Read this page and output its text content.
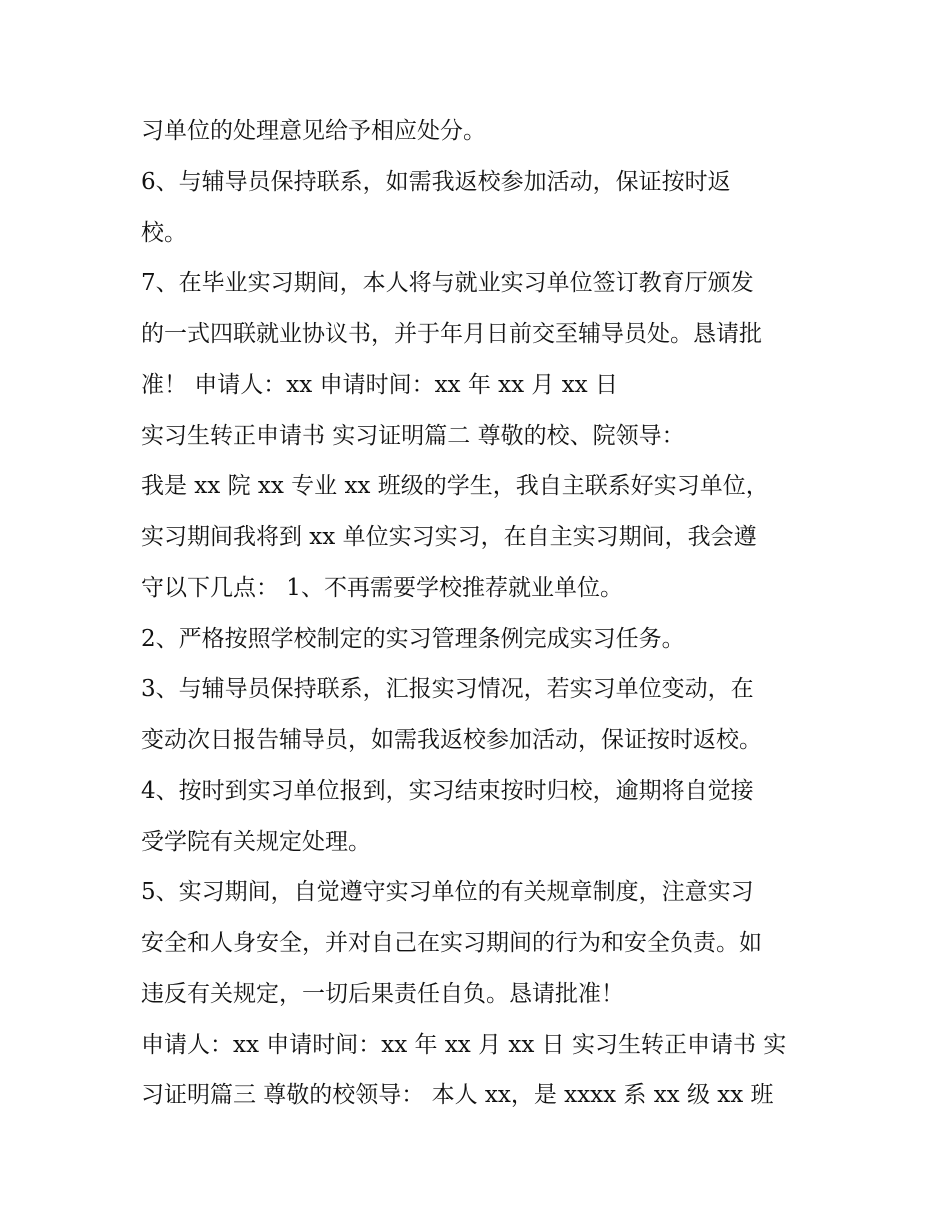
习单位的处理意见给予相应处分。

6、与辅导员保持联系，如需我返校参加活动，保证按时返

校。

7、在毕业实习期间，本人将与就业实习单位签订教育厅颁发

的一式四联就业协议书，并于年月日前交至辅导员处。恳请批

准！ 申请人：xx 申请时间：xx 年 xx 月 xx 日

实习生转正申请书 实习证明篇二 尊敬的校、院领导：

我是 xx 院 xx 专业 xx 班级的学生，我自主联系好实习单位，

实习期间我将到 xx 单位实习实习，在自主实习期间，我会遵

守以下几点： 1、不再需要学校推荐就业单位。

2、严格按照学校制定的实习管理条例完成实习任务。

3、与辅导员保持联系，汇报实习情况，若实习单位变动，在

变动次日报告辅导员，如需我返校参加活动，保证按时返校。

4、按时到实习单位报到，实习结束按时归校，逾期将自觉接

受学院有关规定处理。

5、实习期间，自觉遵守实习单位的有关规章制度，注意实习

安全和人身安全，并对自己在实习期间的行为和安全负责。如

违反有关规定，一切后果责任自负。恳请批准！

申请人：xx 申请时间：xx 年 xx 月 xx 日 实习生转正申请书 实

习证明篇三 尊敬的校领导： 本人 xx，是 xxxx 系 xx 级 xx 班
